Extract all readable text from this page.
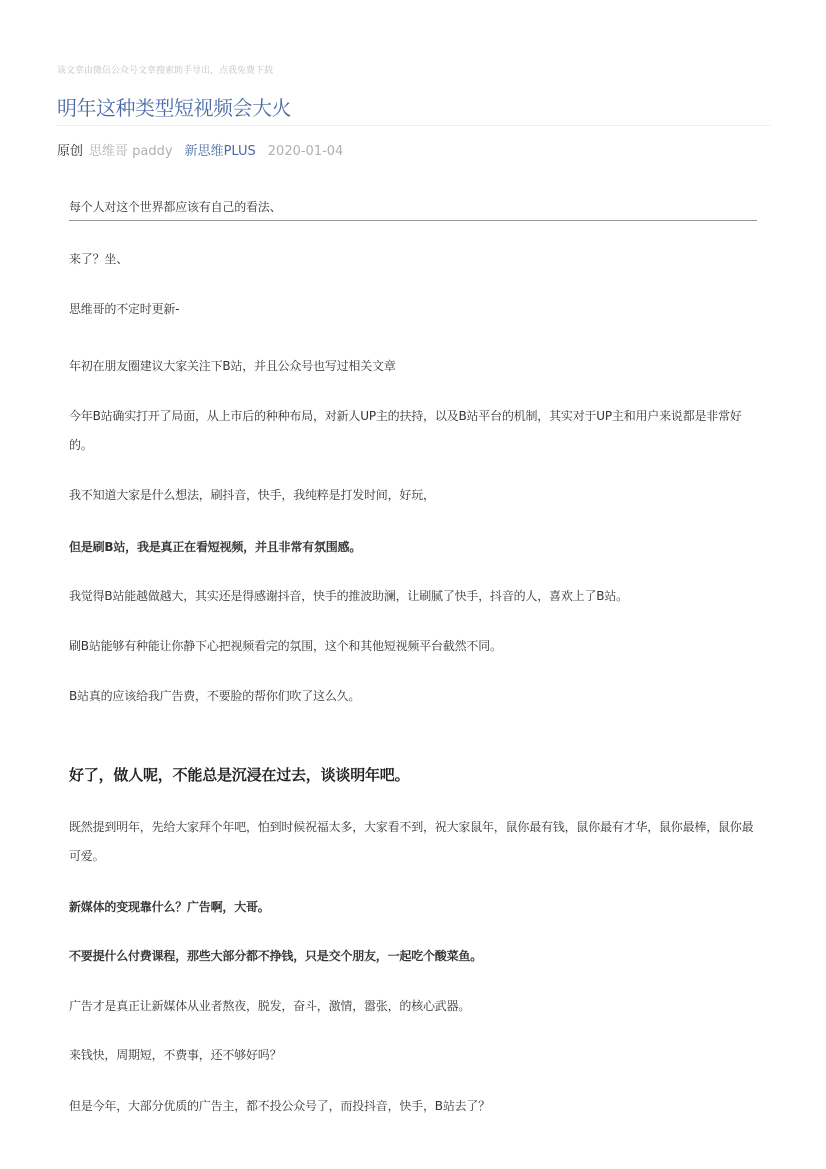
该文章由微信公众号文章搜索助手导出，点我免费下载
明年这种类型短视频会大火
原创 思维哥 paddy 新思维PLUS 2020-01-04

每个人对这个世界都应该有自己的看法、

来了？坐、

思维哥的不定时更新-

年初在朋友圈建议大家关注下B站，并且公众号也写过相关文章

今年B站确实打开了局面，从上市后的种种布局，对新人UP主的扶持，以及B站平台的机制，其实对于UP主和用户来说都是非常好的。

我不知道大家是什么想法，刷抖音，快手，我纯粹是打发时间，好玩，

但是刷B站，我是真正在看短视频，并且非常有氛围感。

我觉得B站能越做越大，其实还是得感谢抖音，快手的推波助澜，让刷腻了快手，抖音的人，喜欢上了B站。

刷B站能够有种能让你静下心把视频看完的氛围，这个和其他短视频平台截然不同。

B站真的应该给我广告费，不要脸的帮你们吹了这么久。

好了，做人呢，不能总是沉浸在过去，谈谈明年吧。

既然提到明年，先给大家拜个年吧，怕到时候祝福太多，大家看不到，祝大家鼠年，鼠你最有钱，鼠你最有才华，鼠你最棒，鼠你最可爱。

新媒体的变现靠什么？广告啊，大哥。

不要提什么付费课程，那些大部分都不挣钱，只是交个朋友，一起吃个酸菜鱼。

广告才是真正让新媒体从业者熬夜，脱发，奋斗，激情，嚣张，的核心武器。

来钱快，周期短，不费事，还不够好吗？

但是今年，大部分优质的广告主，都不投公众号了，而投抖音，快手，B站去了？
